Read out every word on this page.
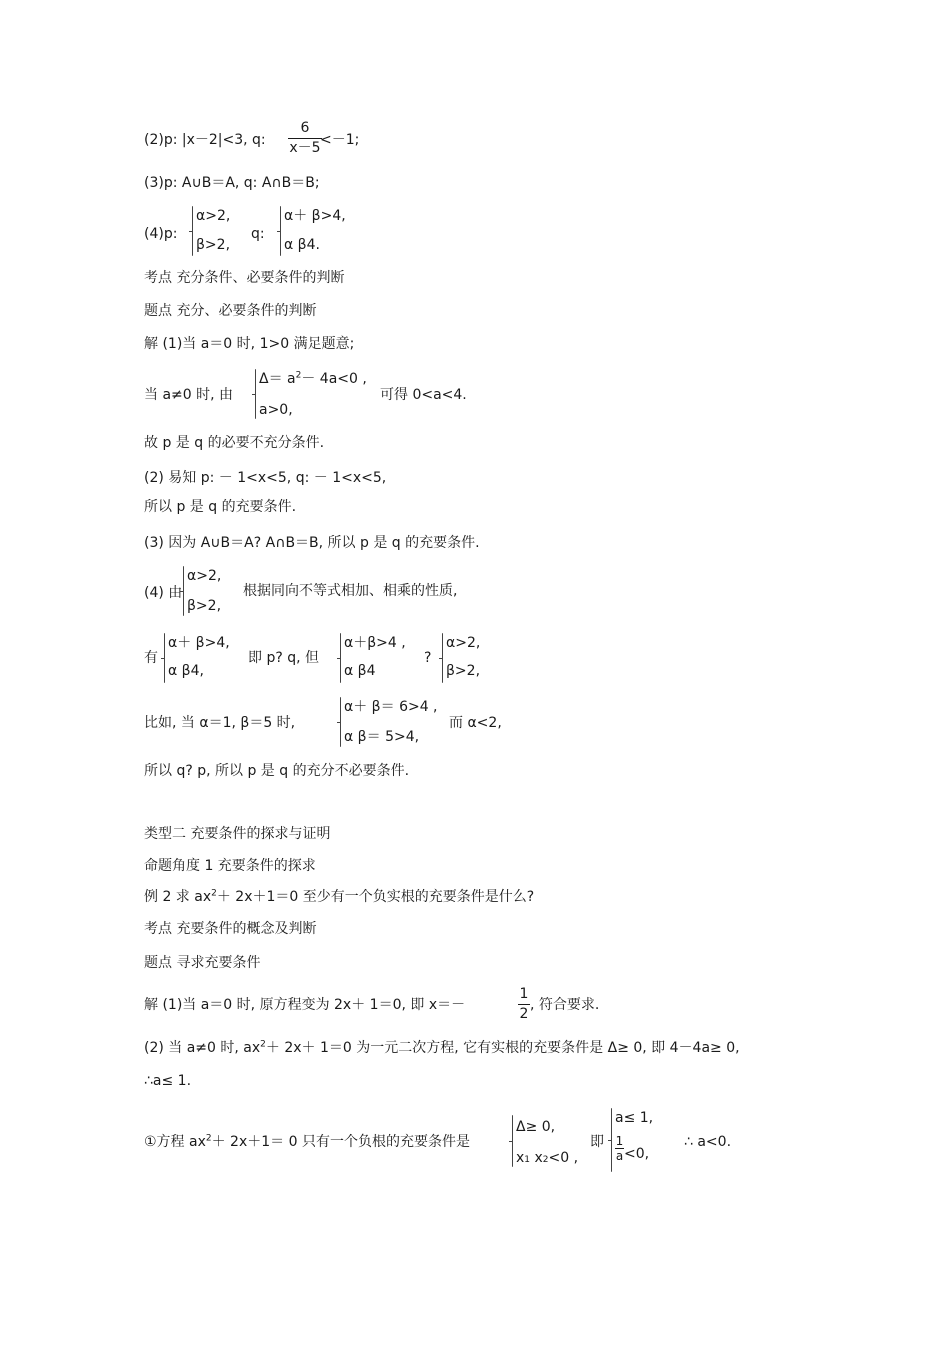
(2)p: |x－2|<3, q:
6
x－5 <－1;
(3)p: A∪B＝A, q: A∩B＝B;
(4)p:
α>2,
β>2,
q:
α＋ β>4,
α β4.
考点 充分条件、必要条件的判断
题点 充分、必要条件的判断
解 (1)当 a＝0 时, 1>0 满足题意;
当 a≠0 时, 由
$\Delta= a^2- 4a<0$ ,
a>0,
可得 0<a<4.
故 p 是 q 的必要不充分条件.
(2) 易知 p: － 1<x<5, q: － 1<x<5,
所以 p 是 q 的充要条件.
(3) 因为 A∪B＝A? A∩B＝B, 所以 p 是 q 的充要条件.
(4) 由
α>2,
β>2,
根据同向不等式相加、相乘的性质,
有
α＋ β>4,
α β4,
即 p? q, 但
α＋β>4 ,
α β4
?
α>2,
β>2,
比如, 当 α＝1, β＝5 时,
α＋ β＝ 6>4 ,
α β＝ 5>4,
而 α<2,
所以 q? p, 所以 p 是 q 的充分不必要条件.
类型二 充要条件的探求与证明
命题角度 1 充要条件的探求
例 2 求 $ax^2+ 2x+1=0$ 至少有一个负实根的充要条件是什么?
考点 充要条件的概念及判断
题点 寻求充要条件
解 (1)当 a＝0 时, 原方程变为 2x＋ 1＝0, 即 x＝－
1
2
, 符合要求.
(2) 当 a≠0 时, $ax^2+ 2x+ 1=0$ 为一元二次方程, 它有实根的充要条件是 Δ≥ 0, 即 4－4a≥ 0,
∴a≤ 1.
①方程 $ax^2+ 2x+1= 0$ 只有一个负根的充要条件是
Δ≥ 0,
x1 x2<0 ,
即
a≤ 1,
1
a <0,
∴ a<0.
